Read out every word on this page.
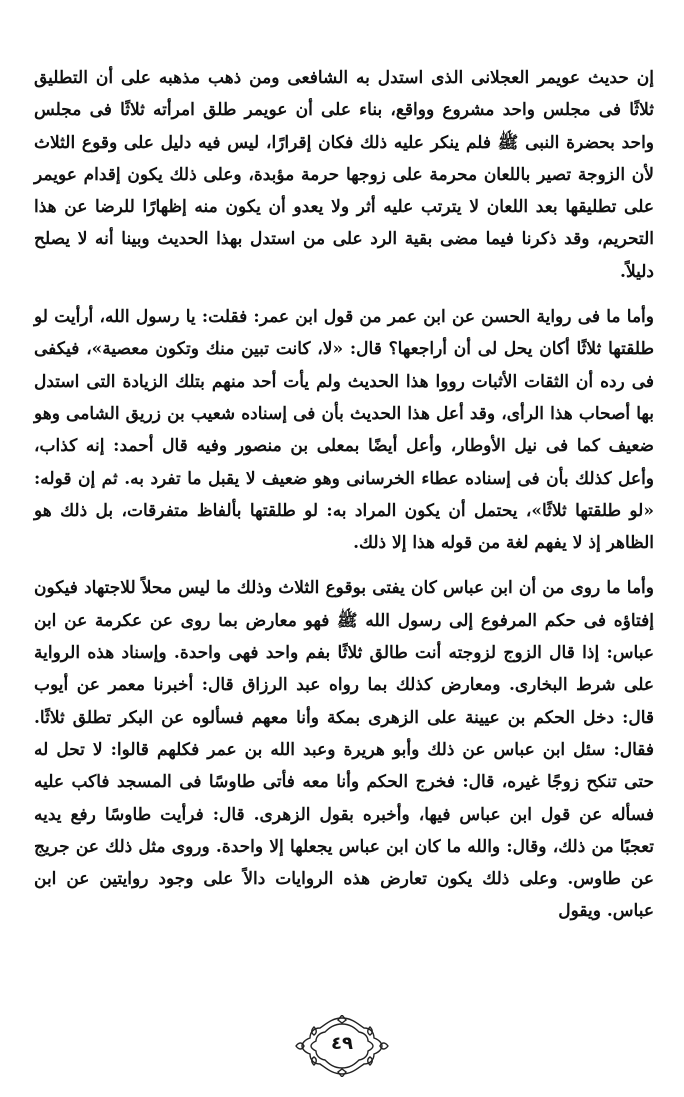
إن حديث عويمر العجلانى الذى استدل به الشافعى ومن ذهب مذهبه على أن التطليق ثلاثًا فى مجلس واحد مشروع وواقع، بناء على أن عويمر طلق امرأته ثلاثًا فى مجلس واحد بحضرة النبى ﷺ فلم ينكر عليه ذلك فكان إقرارًا، ليس فيه دليل على وقوع الثلاث لأن الزوجة تصير باللعان محرمة على زوجها حرمة مؤبدة، وعلى ذلك يكون إقدام عويمر على تطليقها بعد اللعان لا يترتب عليه أثر ولا يعدو أن يكون منه إظهارًا للرضا عن هذا التحريم، وقد ذكرنا فيما مضى بقية الرد على من استدل بهذا الحديث وبينا أنه لا يصلح دليلاً.

وأما ما فى رواية الحسن عن ابن عمر من قول ابن عمر: فقلت: يا رسول الله، أرأيت لو طلقتها ثلاثًا أكان يحل لى أن أراجعها؟ قال: «لا، كانت تبين منك وتكون معصية»، فيكفى فى رده أن الثقات الأثبات رووا هذا الحديث ولم يأت أحد منهم بتلك الزيادة التى استدل بها أصحاب هذا الرأى، وقد أعل هذا الحديث بأن فى إسناده شعيب بن زريق الشامى وهو ضعيف كما فى نيل الأوطار، وأعل أيضًا بمعلى بن منصور وفيه قال أحمد: إنه كذاب، وأعل كذلك بأن فى إسناده عطاء الخرسانى وهو ضعيف لا يقبل ما تفرد به. ثم إن قوله: «لو طلقتها ثلاثًا»، يحتمل أن يكون المراد به: لو طلقتها بألفاظ متفرقات، بل ذلك هو الظاهر إذ لا يفهم لغة من قوله هذا إلا ذلك.

وأما ما روى من أن ابن عباس كان يفتى بوقوع الثلاث وذلك ما ليس محلاً للاجتهاد فيكون إفتاؤه فى حكم المرفوع إلى رسول الله ﷺ فهو معارض بما روى عن عكرمة عن ابن عباس: إذا قال الزوج لزوجته أنت طالق ثلاثًا بفم واحد فهى واحدة. وإسناد هذه الرواية على شرط البخارى. ومعارض كذلك بما رواه عبد الرزاق قال: أخبرنا معمر عن أيوب قال: دخل الحكم بن عيينة على الزهرى بمكة وأنا معهم فسألوه عن البكر تطلق ثلاثًا. فقال: سئل ابن عباس عن ذلك وأبو هريرة وعبد الله بن عمر فكلهم قالوا: لا تحل له حتى تنكح زوجًا غيره، قال: فخرج الحكم وأنا معه فأتى طاوسًا فى المسجد فاكب عليه فسأله عن قول ابن عباس فيها، وأخبره بقول الزهرى. قال: فرأيت طاوسًا رفع يديه تعجبًا من ذلك، وقال: والله ما كان ابن عباس يجعلها إلا واحدة. وروى مثل ذلك عن جريج عن طاوس. وعلى ذلك يكون تعارض هذه الروايات دالاً على وجود روايتين عن ابن عباس. ويقول

٤٩
